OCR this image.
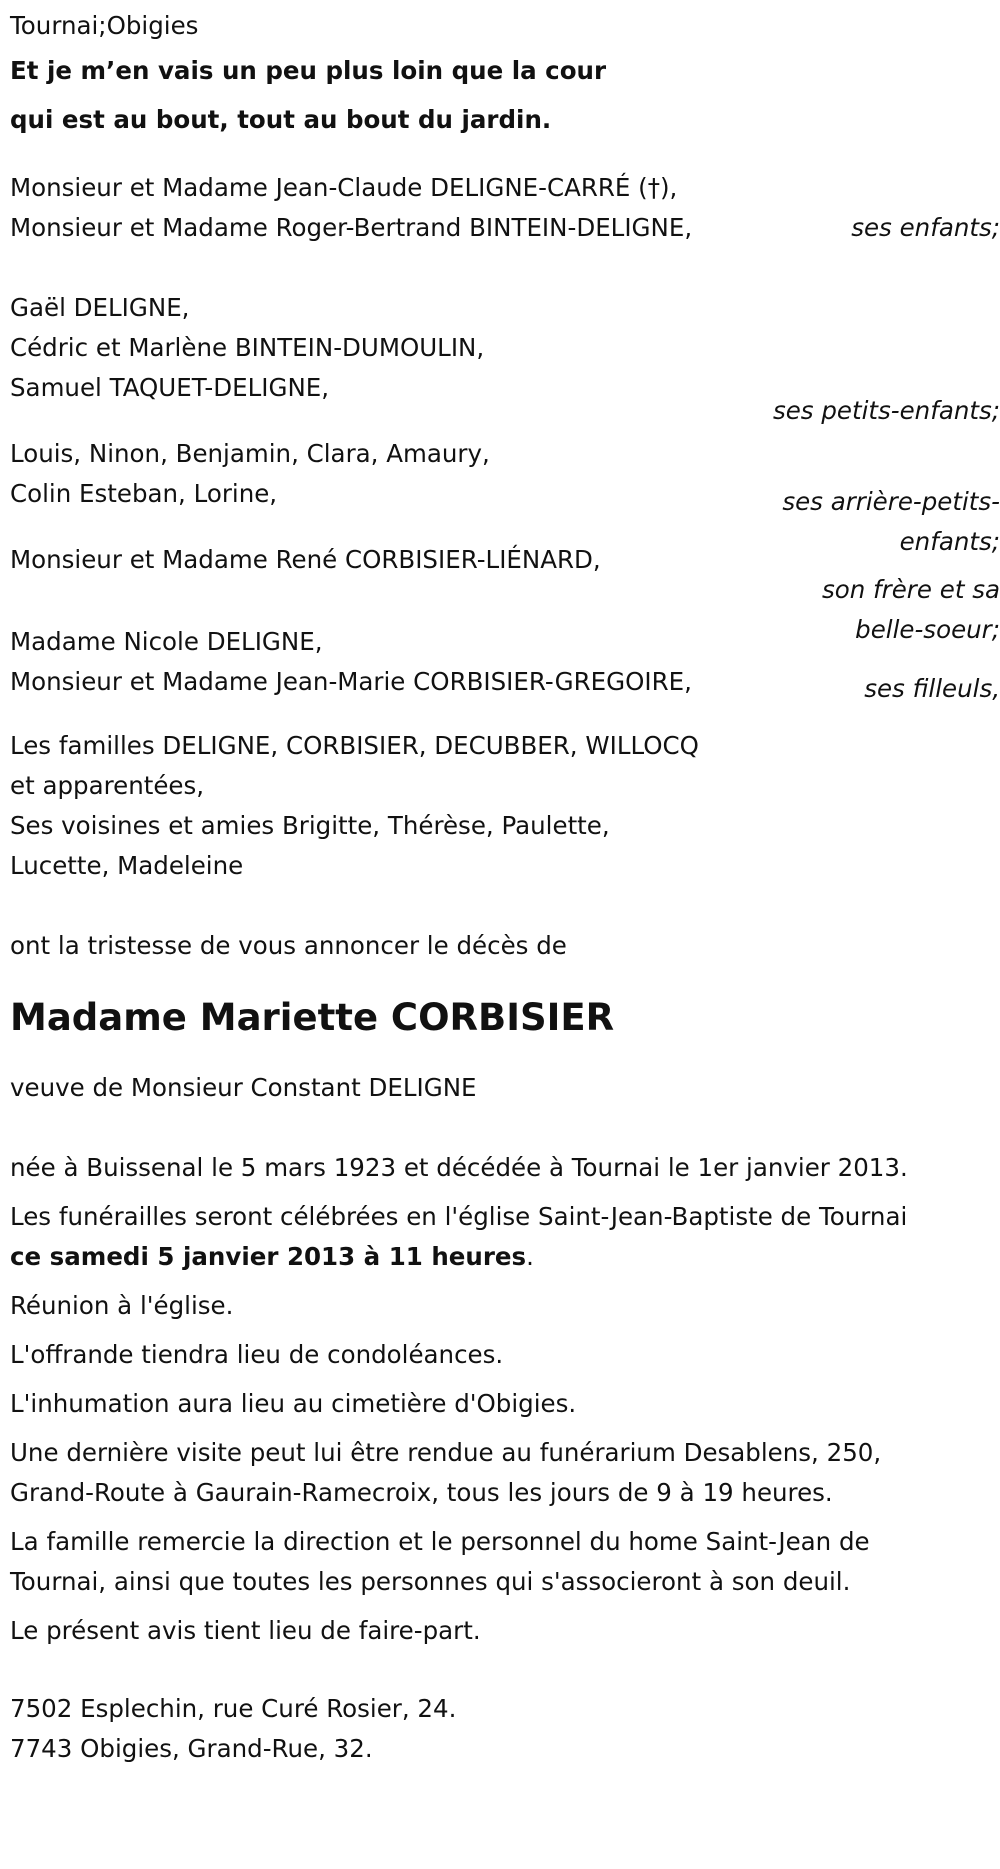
Tournai;Obigies
Et je m’en vais un peu plus loin que la cour
qui est au bout, tout au bout du jardin.
Monsieur et Madame Jean-Claude DELIGNE-CARRÉ (†),
Monsieur et Madame Roger-Bertrand BINTEIN-DELIGNE,	ses enfants;
Gaël DELIGNE,
Cédric et Marlène BINTEIN-DUMOULIN,
Samuel TAQUET-DELIGNE,
ses petits-enfants;
Louis, Ninon, Benjamin, Clara, Amaury,
Colin Esteban, Lorine,	ses arrière-petits-enfants;
Monsieur et Madame René CORBISIER-LIÉNARD,
son frère et sa belle-soeur;
Madame Nicole DELIGNE,
Monsieur et Madame Jean-Marie CORBISIER-GREGOIRE,	ses filleuls,
Les familles DELIGNE, CORBISIER, DECUBBER, WILLOCQ
et apparentées,
Ses voisines et amies Brigitte, Thérèse, Paulette,
Lucette, Madeleine
ont la tristesse de vous annoncer le décès de
Madame Mariette CORBISIER
veuve de Monsieur Constant DELIGNE
née à Buissenal le 5 mars 1923 et décédée à Tournai le 1er janvier 2013.
Les funérailles seront célébrées en l'église Saint-Jean-Baptiste de Tournai
ce samedi 5 janvier 2013 à 11 heures.
Réunion à l'église.
L'offrande tiendra lieu de condoléances.
L'inhumation aura lieu au cimetière d'Obigies.
Une dernière visite peut lui être rendue au funérarium Desablens, 250,
Grand-Route à Gaurain-Ramecroix, tous les jours de 9 à 19 heures.
La famille remercie la direction et le personnel du home Saint-Jean de
Tournai, ainsi que toutes les personnes qui s'associeront à son deuil.
Le présent avis tient lieu de faire-part.
7502 Esplechin, rue Curé Rosier, 24.
7743 Obigies, Grand-Rue, 32.
